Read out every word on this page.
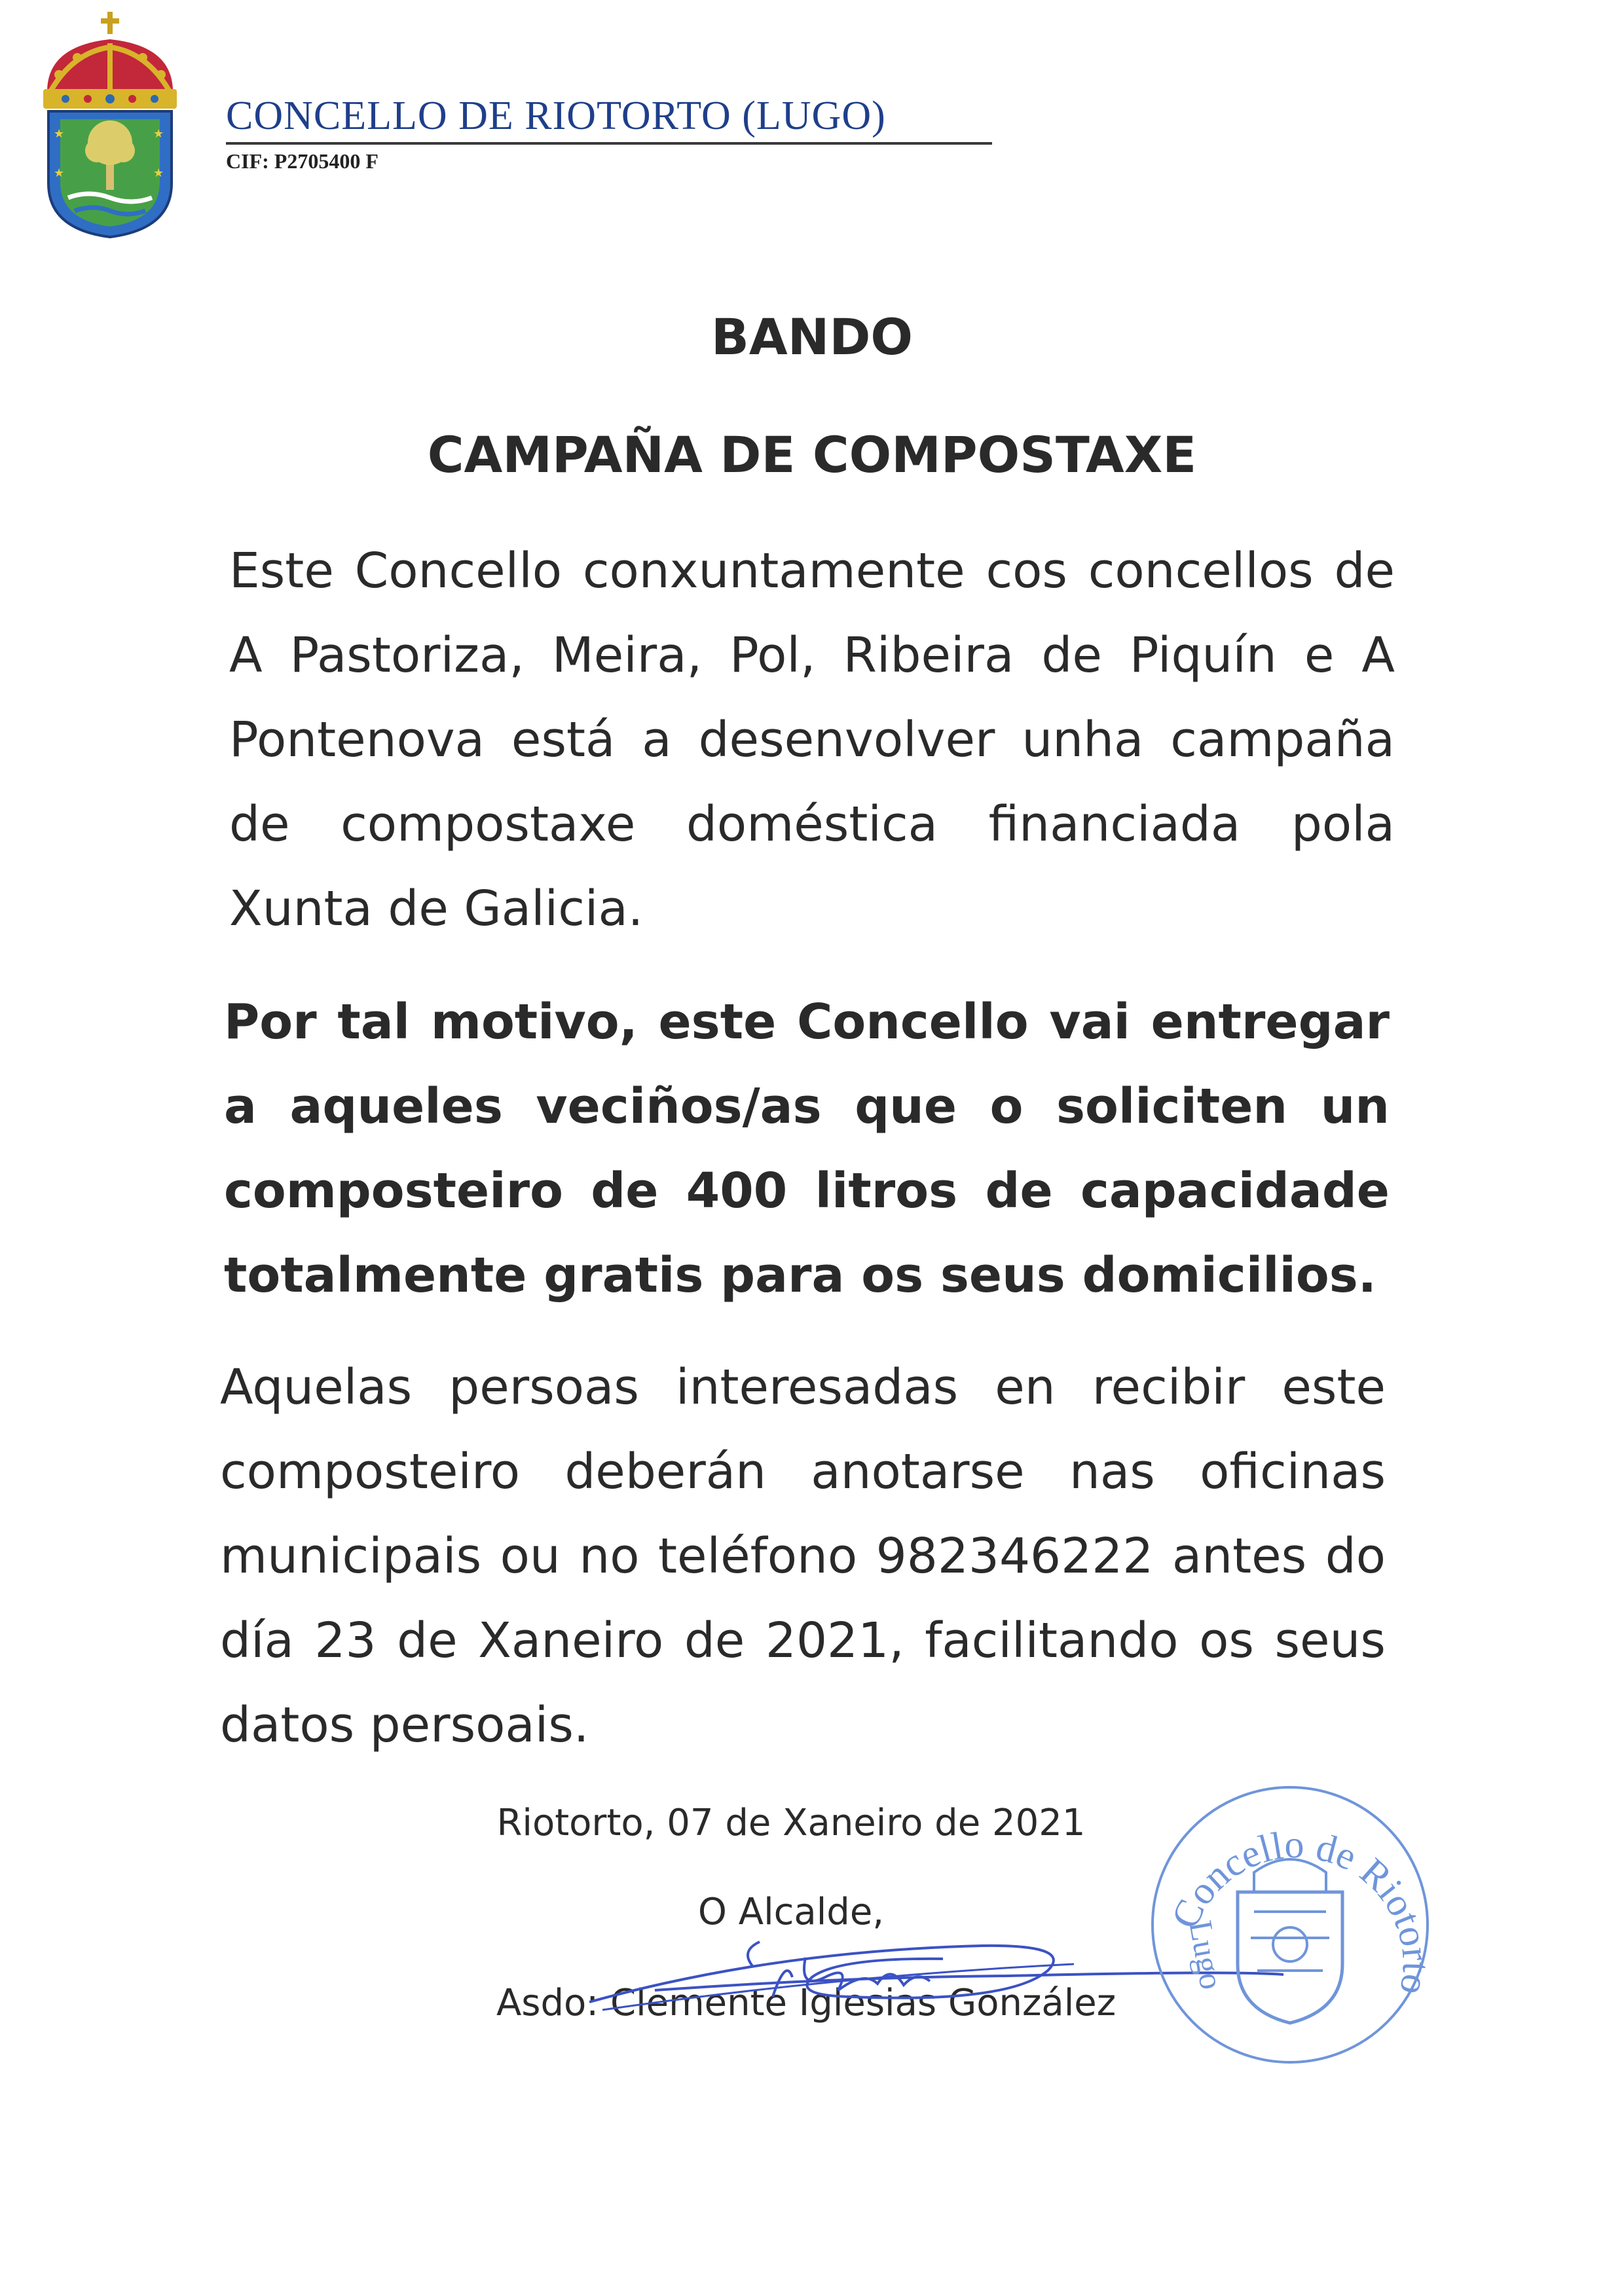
★	★
★	★
CONCELLO DE RIOTORTO (LUGO)
CIF: P2705400 F
BANDO
CAMPAÑA DE COMPOSTAXE
Este Concello conxuntamente cos concellos de A Pastoriza, Meira, Pol, Ribeira de Piquín e A Pontenova está a desenvolver unha campaña de compostaxe doméstica financiada pola Xunta de Galicia.
Por tal motivo, este Concello vai entregar a aqueles veciños/as que o soliciten un composteiro de 400 litros de capacidade totalmente gratis para os seus domicilios.
Aquelas persoas interesadas en recibir este composteiro deberán anotarse nas oficinas municipais ou no teléfono 982346222 antes do día 23 de Xaneiro de 2021, facilitando os seus datos persoais.
Riotorto, 07 de Xaneiro de 2021
O Alcalde,
Asdo: Clemente Iglesias González
Concello de Riotorto
Lugo
